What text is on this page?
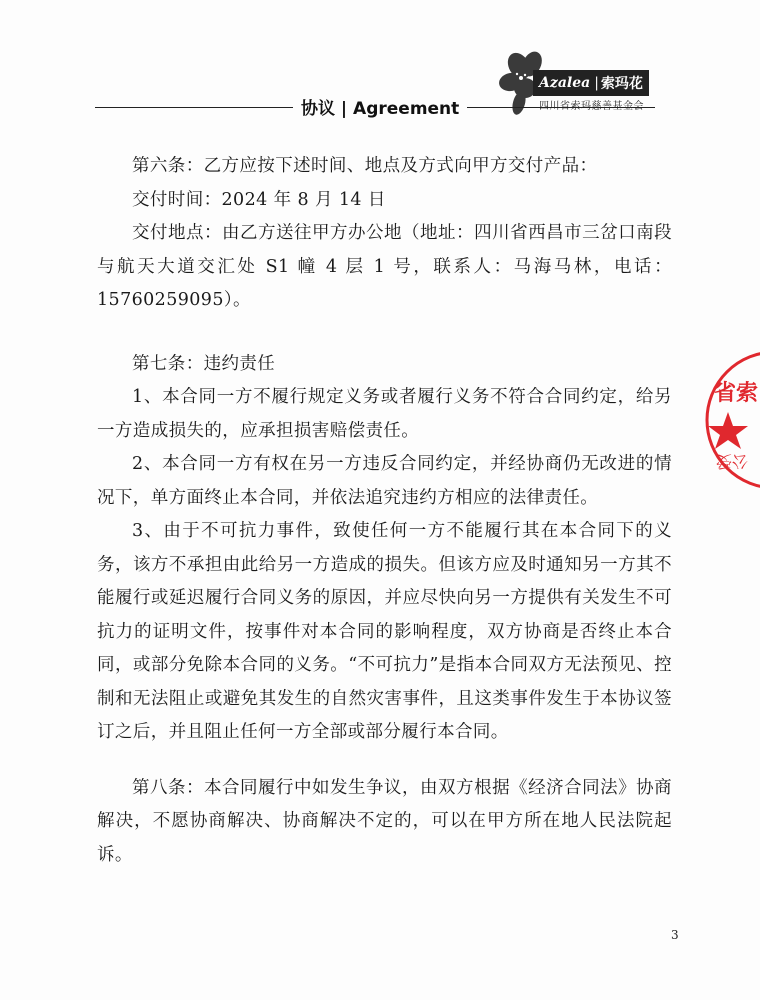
Azalea | 索玛花
四川省索玛慈善基金会
协议 | Agreement

第六条：乙方应按下述时间、地点及方式向甲方交付产品：

交付时间：2024 年 8 月 14 日

交付地点：由乙方送往甲方办公地（地址：四川省西昌市三岔口南段与航天大道交汇处 S1 幢 4 层 1 号，联系人：马海马林，电话：15760259095）。

第七条：违约责任

1、本合同一方不履行规定义务或者履行义务不符合合同约定，给另一方造成损失的，应承担损害赔偿责任。

2、本合同一方有权在另一方违反合同约定，并经协商仍无改进的情况下，单方面终止本合同，并依法追究违约方相应的法律责任。

3、由于不可抗力事件，致使任何一方不能履行其在本合同下的义务，该方不承担由此给另一方造成的损失。但该方应及时通知另一方其不能履行或延迟履行合同义务的原因，并应尽快向另一方提供有关发生不可抗力的证明文件，按事件对本合同的影响程度，双方协商是否终止本合同，或部分免除本合同的义务。“不可抗力”是指本合同双方无法预见、控制和无法阻止或避免其发生的自然灾害事件，且这类事件发生于本协议签订之后，并且阻止任何一方全部或部分履行本合同。

第八条：本合同履行中如发生争议，由双方根据《经济合同法》协商解决，不愿协商解决、协商解决不定的，可以在甲方所在地人民法院起诉。

3
省索
公受
